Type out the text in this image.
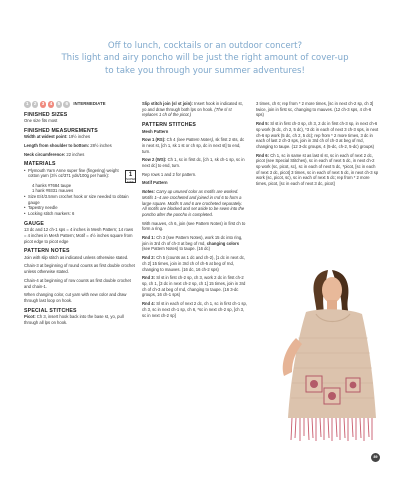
Off to lunch, cocktails or an outdoor concert?
This light and airy poncho will be just the right amount of cover-up
to take you through your summer adventures!
1	2	3	4	5	6	INTERMEDIATE
FINISHED SIZES

One size fits most

FINISHED MEASUREMENTS

Width at widest point: 19½ inches

Length from shoulder to bottom: 28½ inches

Neck circumference: 22 inches

MATERIALS
• Plymouth Yarn Anne super fine (fingering) weight cotton yarn (3½ oz/371 yds/100g per hank):	1
SUPER FINE
4 hanks #7684 taupe
1 hank #9331 mauves
• Size E/4/3.5mm crochet hook or size needed to obtain gauge
• Tapestry needle
• Locking stitch markers: 6
GAUGE

13 dc and 12 ch-1 sps = 4 inches in Mesh Pattern; 14 rows = 4 inches in Mesh Pattern; Motif = 4½ inches square from picot edge to picot edge

PATTERN NOTES

Join with slip stitch as indicated unless otherwise stated.

Chain-3 at beginning of round counts as first double crochet unless otherwise stated.

Chain-4 at beginning of row counts as first double crochet and chain-1.

When changing color, cut yarn with new color and draw through last loop on hook.

SPECIAL STITCHES

Picot: Ch 3, insert hook back into the base st, yo, pull through all lps on hook.

Slip stitch join (sl st join): Insert hook in indicated st, yo and draw through both lps on hook. (The sl st replaces 1 ch of the picot.)

PATTERN STITCHES

Mesh Pattern

Row 1 (RS): Ch 4 (see Pattern Notes), sk first 2 sts, dc in next st, [ch 1, sk 1 st or ch sp, dc in next st] to end, turn.

Row 2 (WS): Ch 1, sc in first dc, [ch 1, sk ch-1 sp, sc in next dc] to end, turn.

Rep rows 1 and 2 for pattern.

Motif Pattern

Notes: Carry up unused color as motifs are worked. Motifs 1–4 are crocheted and joined in rnd 6 to form a large square. Motifs 5 and 6 are crocheted separately. All motifs are blocked and set aside to be sewn into the poncho after the poncho is completed.

With mauves, ch 6, join (see Pattern Notes) in first ch to form a ring.

Rnd 1: Ch 3 (see Pattern Notes), work 15 dc into ring, join in 3rd ch of ch-3 at beg of rnd, changing colors (see Pattern Notes) to taupe. (16 dc)

Rnd 2: Ch 5 (counts as 1 dc and ch-2), [1 dc in next dc, ch 2] 15 times, join in 3rd ch of ch-5 at beg of rnd, changing to mauves. (16 dc, 16 ch-2 sps)

Rnd 3: Sl st in first ch-2 sp, ch 3, work 2 dc in first ch-2 sp, ch 1, [3 dc in next ch-2 sp, ch 1] 15 times, join in 3rd ch of ch-3 at beg of rnd, changing to taupe. (16 3-dc groups, 16 ch-1 sps)

Rnd 4: Sl st in each of next 2 dc, ch 1, sc in first ch-1 sp, ch 3, sc in next ch-1 sp, ch 6, *sc in next ch-2 sp, [ch 3, sc in next ch-2 sp]

3 times, ch 6; rep from * 2 more times, [sc in next ch-2 sp, ch 3] twice, join in first sc, changing to mauves. (12 ch-3 sps, 4 ch-6 sps)

Rnd 5: Sl st in first ch-3 sp, ch 3, 2 dc in first ch-3 sp, in next ch-6 sp work (5 dc, ch 2, 5 dc), *3 dc in each of next 3 ch-3 sps, in next ch-6 sp work (5 dc, ch 2, 5 dc); rep from * 2 more times, 3 dc in each of last 2 ch-3 sps, join in 3rd ch of ch-3 at beg of rnd, changing to taupe. (12 3-dc groups, 4 (5-dc, ch-2, 5-dc) groups)

Rnd 6: Ch 1, sc in same st as last sl st, sc in each of next 2 dc, picot (see Special Stitches), sc in each of next 5 dc, in next ch-2 sp work (sc, picot, sc), sc in each of next 5 dc, *picot, [sc in each of next 3 dc, picot] 3 times, sc in each of next 5 dc, in next ch-3 sp work (sc, picot, sc), sc in each of next 5 dc; rep from * 2 more times, picot, [sc in each of next 3 dc, picot]

89
